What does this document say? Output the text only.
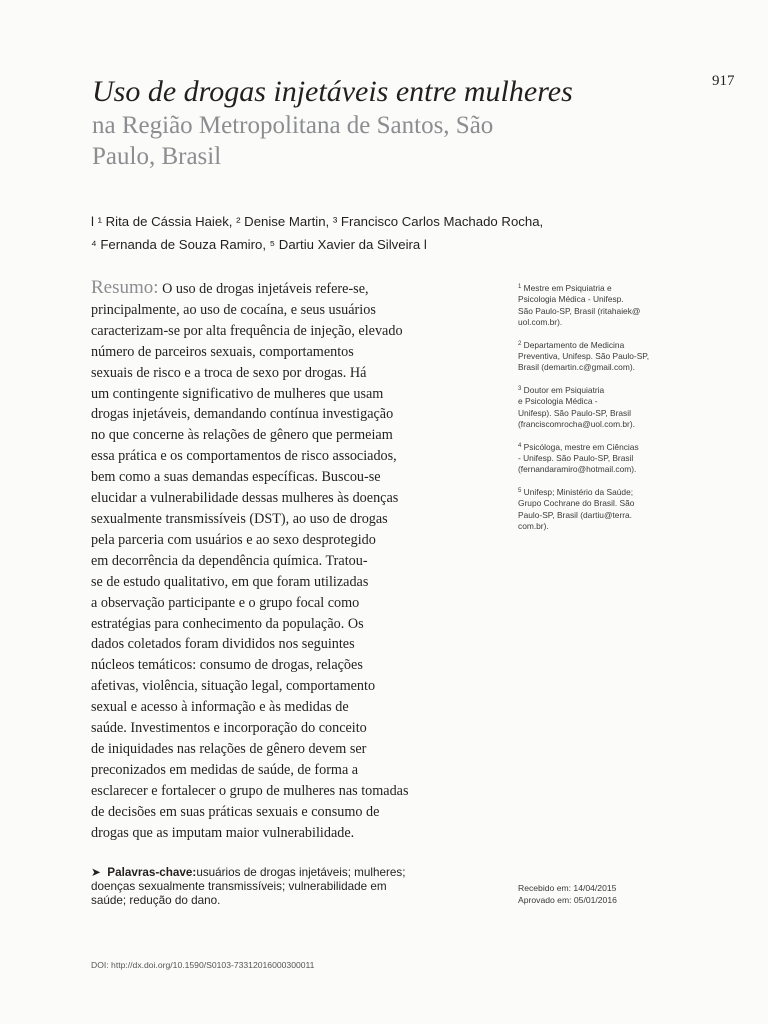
917
Uso de drogas injetáveis entre mulheres
na Região Metropolitana de Santos, São
Paulo, Brasil
l ¹ Rita de Cássia Haiek, ² Denise Martin, ³ Francisco Carlos Machado Rocha,
⁴ Fernanda de Souza Ramiro, ⁵ Dartiu Xavier da Silveira l
Resumo: O uso de drogas injetáveis refere-se,
principalmente, ao uso de cocaína, e seus usuários
caracterizam-se por alta frequência de injeção, elevado
número de parceiros sexuais, comportamentos
sexuais de risco e a troca de sexo por drogas. Há
um contingente significativo de mulheres que usam
drogas injetáveis, demandando contínua investigação
no que concerne às relações de gênero que permeiam
essa prática e os comportamentos de risco associados,
bem como a suas demandas específicas. Buscou-se
elucidar a vulnerabilidade dessas mulheres às doenças
sexualmente transmissíveis (DST), ao uso de drogas
pela parceria com usuários e ao sexo desprotegido
em decorrência da dependência química. Tratou-
se de estudo qualitativo, em que foram utilizadas
a observação participante e o grupo focal como
estratégias para conhecimento da população. Os
dados coletados foram divididos nos seguintes
núcleos temáticos: consumo de drogas, relações
afetivas, violência, situação legal, comportamento
sexual e acesso à informação e às medidas de
saúde. Investimentos e incorporação do conceito
de iniquidades nas relações de gênero devem ser
preconizados em medidas de saúde, de forma a
esclarecer e fortalecer o grupo de mulheres nas tomadas
de decisões em suas práticas sexuais e consumo de
drogas que as imputam maior vulnerabilidade.
$^1$ Mestre em Psiquiatria e
Psicologia Médica - Unifesp.
São Paulo-SP, Brasil (ritahaiek@
uol.com.br).
$^2$ Departamento de Medicina
Preventiva, Unifesp. São Paulo-SP,
Brasil (demartin.c@gmail.com).
$^3$ Doutor em Psiquiatria
e Psicologia Médica -
Unifesp). São Paulo-SP, Brasil
(franciscomrocha@uol.com.br).
$^4$ Psicóloga, mestre em Ciências
- Unifesp. São Paulo-SP, Brasil
(fernandaramiro@hotmail.com).
$^5$ Unifesp; Ministério da Saúde;
Grupo Cochrane do Brasil. São
Paulo-SP, Brasil (dartiu@terra.
com.br).
➤ Palavras-chave:usuários de drogas injetáveis; mulheres;
doenças sexualmente transmissíveis; vulnerabilidade em
saúde; redução do dano.
Recebido em: 14/04/2015
Aprovado em: 05/01/2016
DOI: http://dx.doi.org/10.1590/S0103-73312016000300011
